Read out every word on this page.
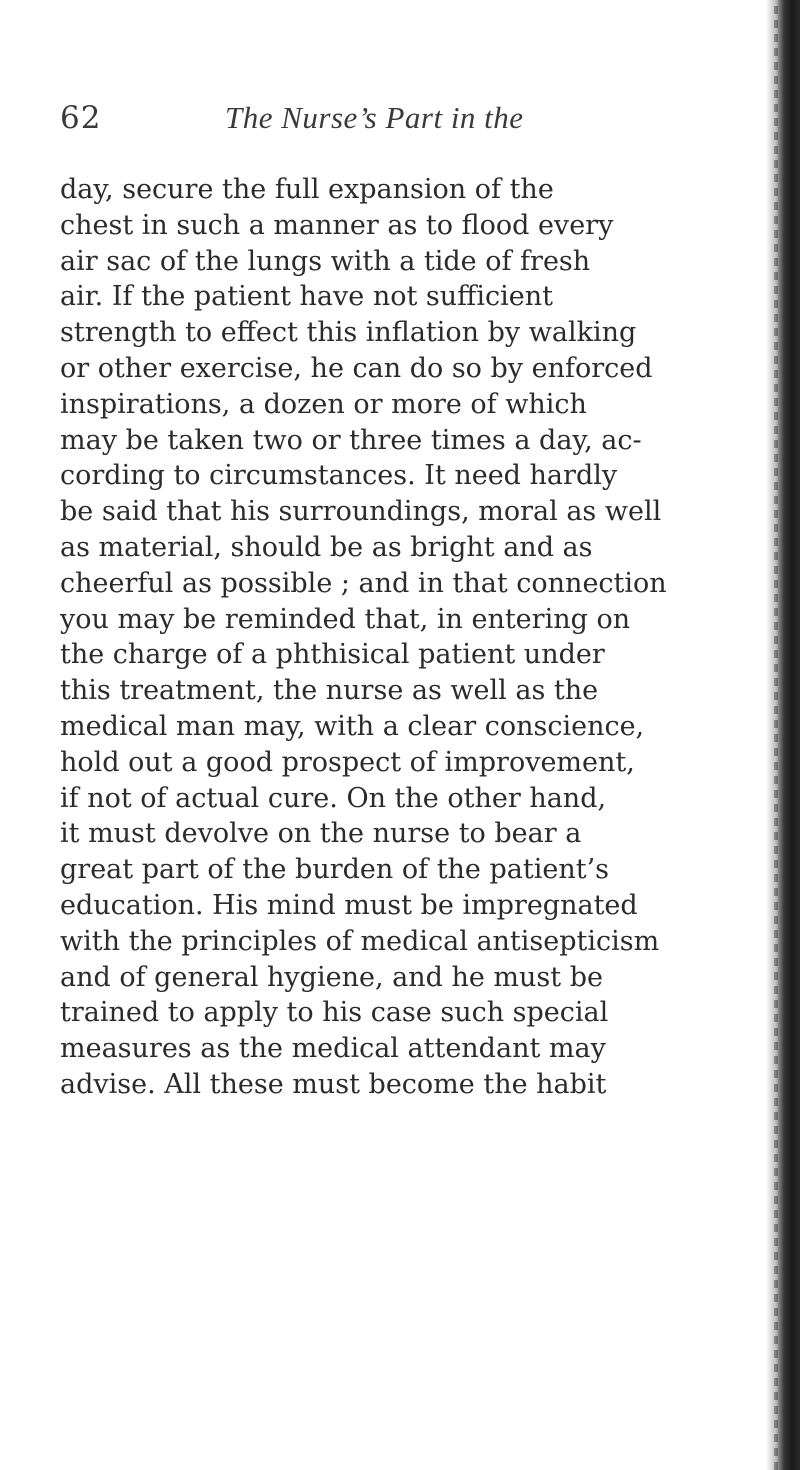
62	The Nurse’s Part in the
day, secure the full expansion of the
chest in such a manner as to flood every
air sac of the lungs with a tide of fresh
air. If the patient have not sufficient
strength to effect this inflation by walking
or other exercise, he can do so by enforced
inspirations, a dozen or more of which
may be taken two or three times a day, ac-
cording to circumstances. It need hardly
be said that his surroundings, moral as well
as material, should be as bright and as
cheerful as possible ; and in that connection
you may be reminded that, in entering on
the charge of a phthisical patient under
this treatment, the nurse as well as the
medical man may, with a clear conscience,
hold out a good prospect of improvement,
if not of actual cure. On the other hand,
it must devolve on the nurse to bear a
great part of the burden of the patient’s
education. His mind must be impregnated
with the principles of medical antisepticism
and of general hygiene, and he must be
trained to apply to his case such special
measures as the medical attendant may
advise. All these must become the habit
